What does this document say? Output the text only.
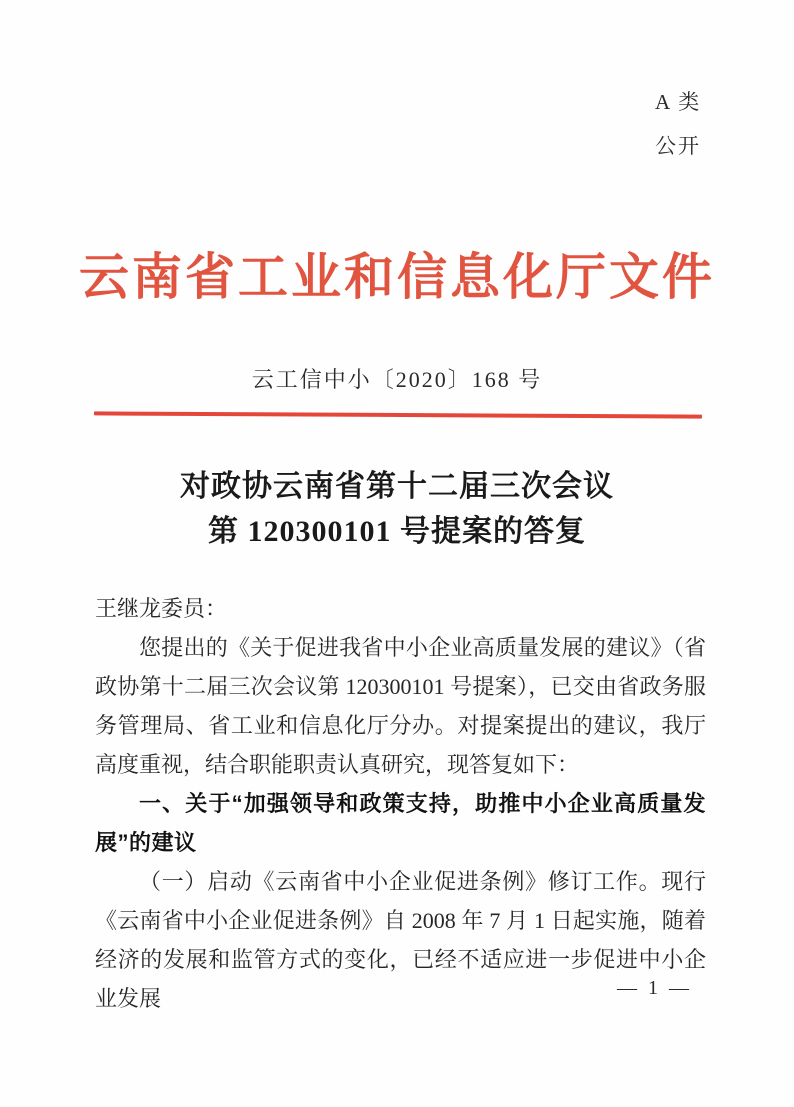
A 类
公开
云南省工业和信息化厅文件
云工信中小〔2020〕168 号
对政协云南省第十二届三次会议
第 120300101 号提案的答复

王继龙委员：

您提出的《关于促进我省中小企业高质量发展的建议》（省政协第十二届三次会议第 120300101 号提案），已交由省政务服务管理局、省工业和信息化厅分办。对提案提出的建议，我厅高度重视，结合职能职责认真研究，现答复如下：

一、关于“加强领导和政策支持，助推中小企业高质量发展”的建议

（一）启动《云南省中小企业促进条例》修订工作。现行《云南省中小企业促进条例》自 2008 年 7 月 1 日起实施，随着经济的发展和监管方式的变化，已经不适应进一步促进中小企业发展	— 1 —
